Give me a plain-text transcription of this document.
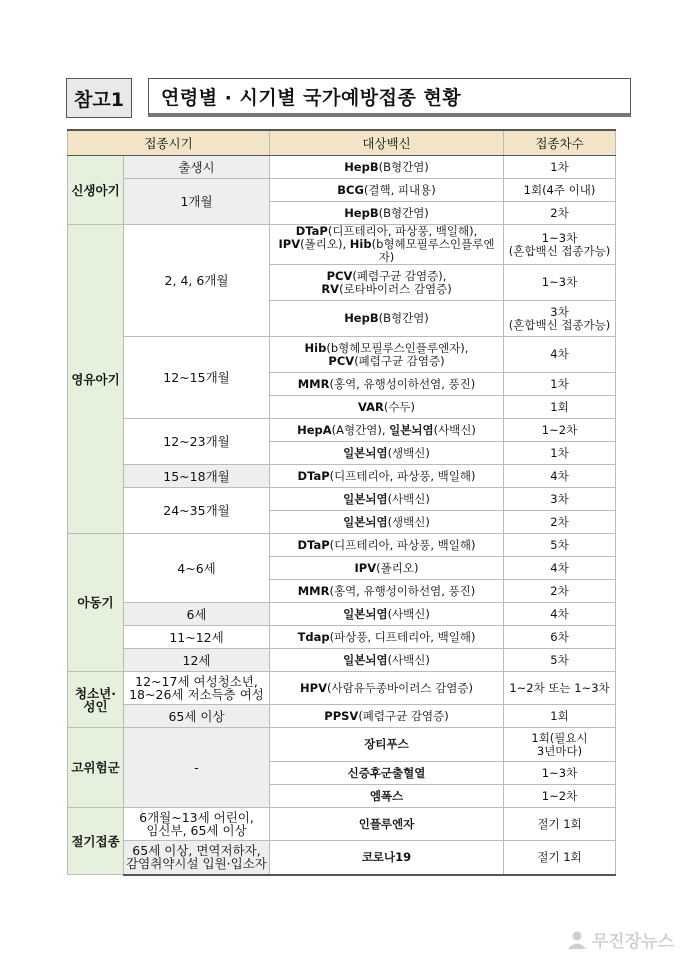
참고1	연령별 · 시기별 국가예방접종 현황
접종시기		대상백신	접종차수
신생아기	출생시	HepB(B형간염)	1차
	1개월	BCG(결핵, 피내용)	1회(4주 이내)
		HepB(B형간염)	2차
영유아기	2, 4, 6개월	DTaP(디프테리아, 파상풍, 백일해),
IPV(폴리오), Hib(b형헤모필루스인플루엔자)	1~3차
(혼합백신 접종가능)
		PCV(폐렴구균 감염증),
RV(로타바이러스 감염증)	1~3차
		HepB(B형간염)	3차
(혼합백신 접종가능)
	12~15개월	Hib(b형헤모필루스인플루엔자),
PCV(폐렴구균 감염증)	4차
		MMR(홍역, 유행성이하선염, 풍진)	1차
		VAR(수두)	1회
	12~23개월	HepA(A형간염), 일본뇌염(사백신)	1~2차
		일본뇌염(생백신)	1차
	15~18개월	DTaP(디프테리아, 파상풍, 백일해)	4차
	24~35개월	일본뇌염(사백신)	3차
		일본뇌염(생백신)	2차
아동기	4~6세	DTaP(디프테리아, 파상풍, 백일해)	5차
		IPV(폴리오)	4차
		MMR(홍역, 유행성이하선염, 풍진)	2차
	6세	일본뇌염(사백신)	4차
	11~12세	Tdap(파상풍, 디프테리아, 백일해)	6차
	12세	일본뇌염(사백신)	5차
청소년·성인	12~17세 여성청소년,
18~26세 저소득층 여성	HPV(사람유두종바이러스 감염증)	1~2차 또는 1~3차
	65세 이상	PPSV(폐렴구균 감염증)	1회
고위험군	-	장티푸스	1회(필요시
3년마다)
		신증후군출혈열	1~3차
		엠폭스	1~2차
절기접종	6개월~13세 어린이,
임신부, 65세 이상	인플루엔자	절기 1회
	65세 이상, 면역저하자,
감염취약시설 입원·입소자	코로나19	절기 1회
무진장뉴스
